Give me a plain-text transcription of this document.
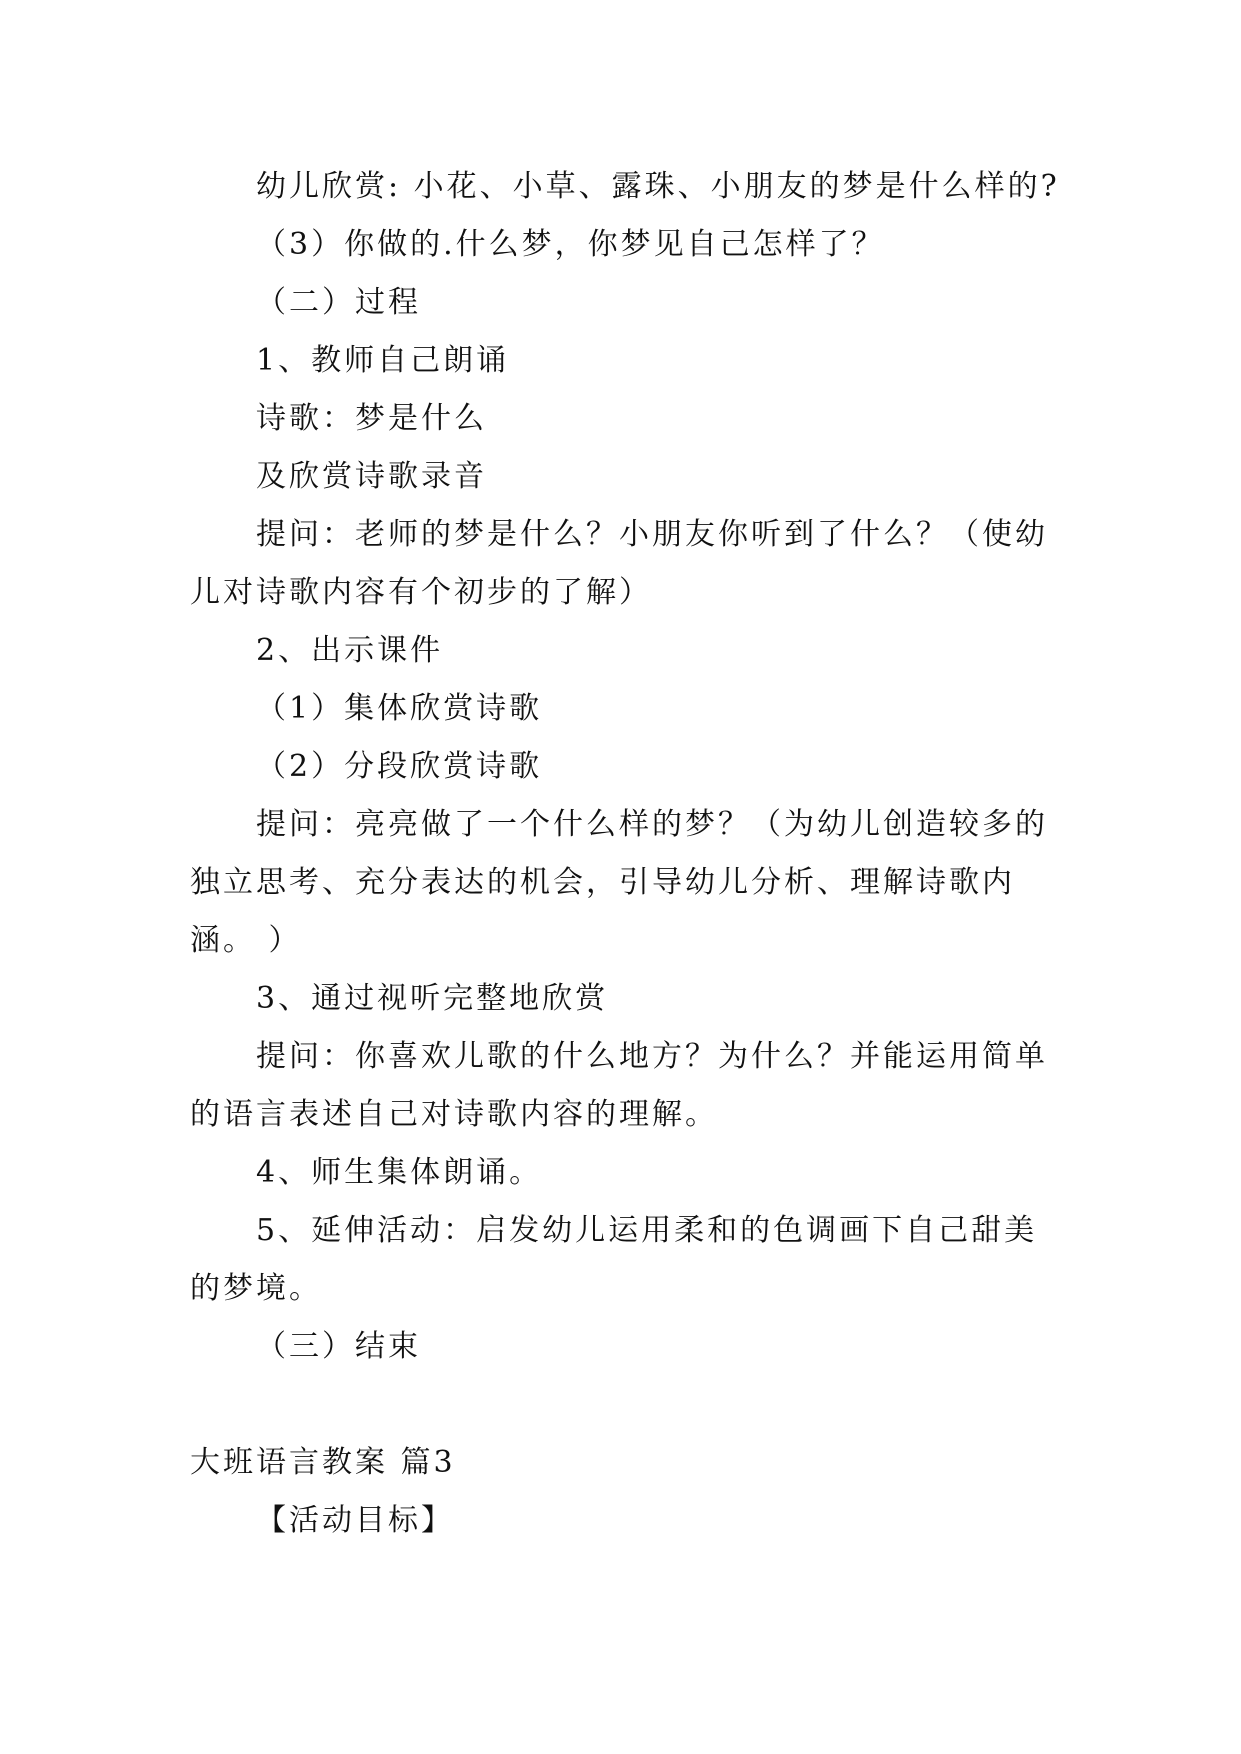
幼儿欣赏: 小花、小草、露珠、小朋友的梦是什么样的?
（3）你做的.什么梦，你梦见自己怎样了？
（二）过程
1、教师自己朗诵
诗歌：梦是什么
及欣赏诗歌录音
提问：老师的梦是什么？小朋友你听到了什么？（使幼
儿对诗歌内容有个初步的了解）
2、出示课件
（1）集体欣赏诗歌
（2）分段欣赏诗歌
提问：亮亮做了一个什么样的梦？（为幼儿创造较多的
独立思考、充分表达的机会，引导幼儿分析、理解诗歌内
涵。 ）
3、通过视听完整地欣赏
提问：你喜欢儿歌的什么地方？为什么？并能运用简单
的语言表述自己对诗歌内容的理解。
4、师生集体朗诵。
5、延伸活动：启发幼儿运用柔和的色调画下自己甜美
的梦境。
（三）结束
大班语言教案 篇3
【活动目标】
